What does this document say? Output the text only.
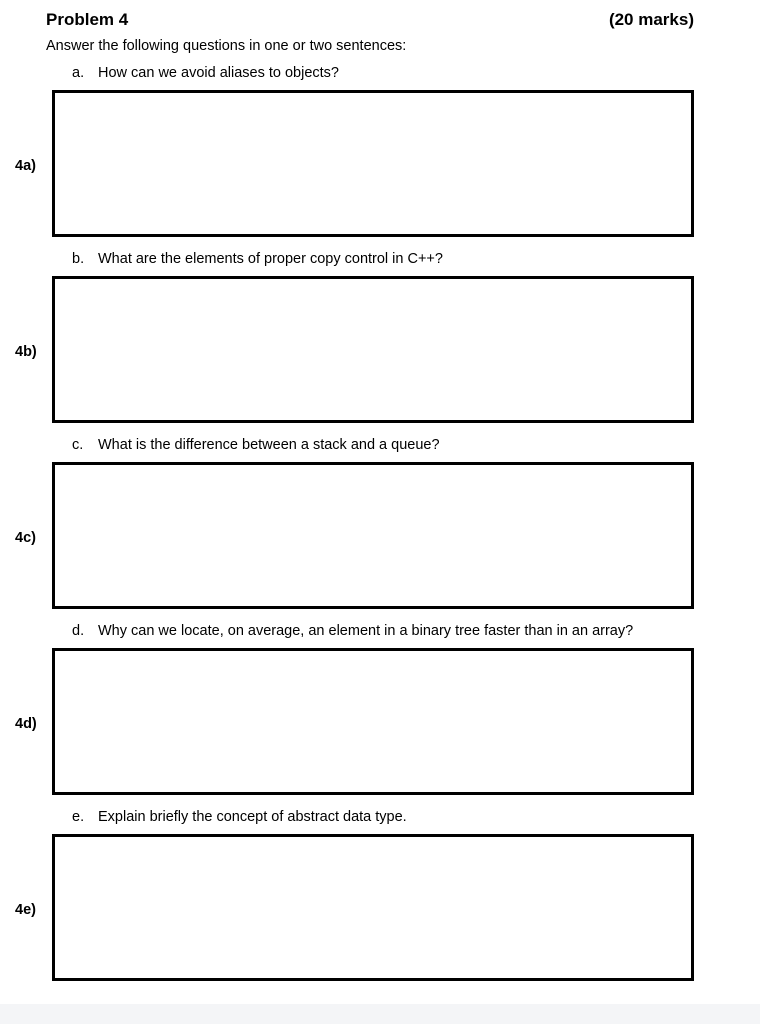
Problem 4	(20 marks)
Answer the following questions in one or two sentences:
a. How can we avoid aliases to objects?
4a)
b. What are the elements of proper copy control in C++?
4b)
c. What is the difference between a stack and a queue?
4c)
d. Why can we locate, on average, an element in a binary tree faster than in an array?
4d)
e. Explain briefly the concept of abstract data type.
4e)
